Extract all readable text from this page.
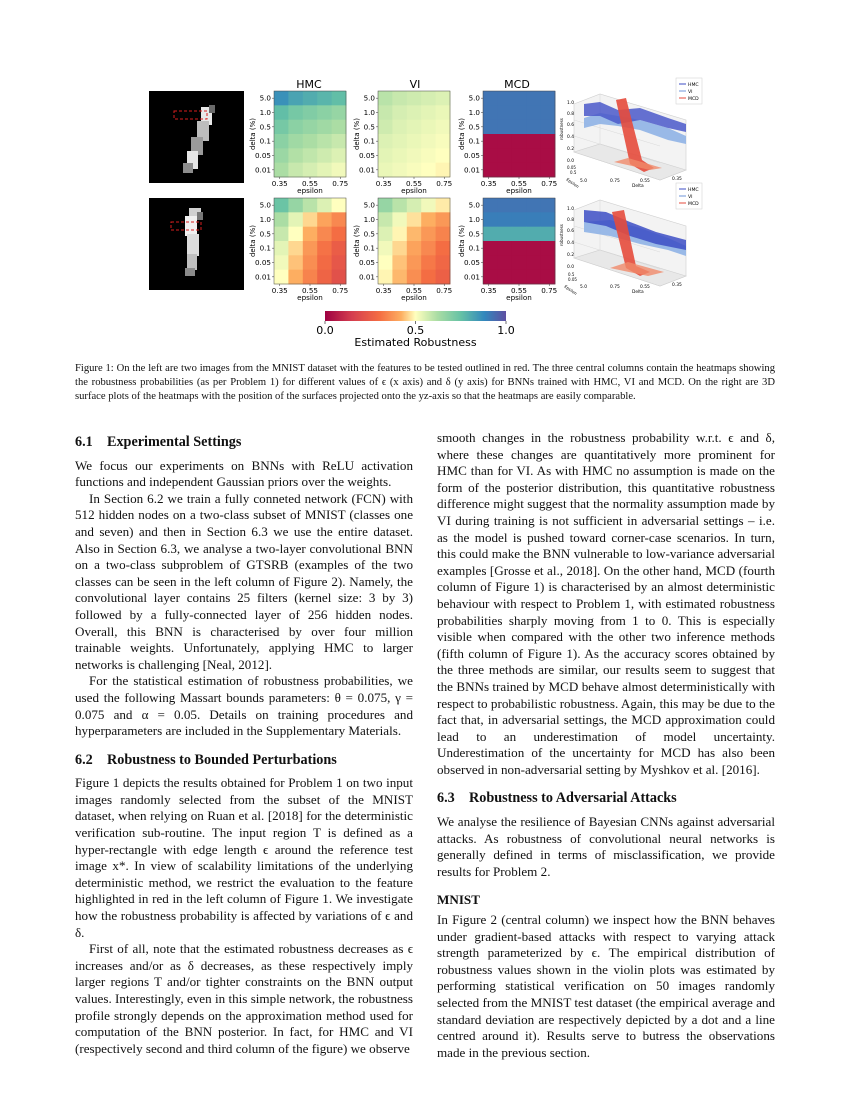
HMC	VI	MCD
5.0
1.0
0.5
0.1
0.05
0.01
0.35 0.55 0.75
epsilon
delta (%)
5.0
1.0
0.5
0.1
0.05
0.01
0.35 0.55 0.75
epsilon
delta (%)
5.0
1.0
0.5
0.1
0.05
0.01
0.35 0.55 0.75
epsilon
delta (%)
5.0
1.0
0.5
0.1
0.05
0.01
0.35 0.55 0.75
epsilon
delta (%)
5.0
1.0
0.5
0.1
0.05
0.01
0.35 0.55 0.75
epsilon
delta (%)
5.0
1.0
0.5
0.1
0.05
0.01
0.35 0.55 0.75
epsilon
delta (%)
robustness
1.0
0.8
0.6
0.4
0.2
0.0
0.05
0.5
Epsilon 5.0	0.75	0.55	0.35
Delta
HMC
VI
MCD
robustness
1.0
0.8
0.6
0.4
0.2
0.0
0.5
0.05
Epsilon 5.0	0.75	0.55	0.35
Delta
HMC
VI
MCD
0.0	0.5	1.0
Estimated Robustness
Figure 1: On the left are two images from the MNIST dataset with the features to be tested outlined in red. The three central columns contain the heatmaps showing the robustness probabilities (as per Problem 1) for different values of ϵ (x axis) and δ (y axis) for BNNs trained with HMC, VI and MCD. On the right are 3D surface plots of the heatmaps with the position of the surfaces projected onto the yz-axis so that the heatmaps are easily comparable.
6.1 Experimental Settings

We focus our experiments on BNNs with ReLU activation functions and independent Gaussian priors over the weights.

In Section 6.2 we train a fully conneted network (FCN) with 512 hidden nodes on a two-class subset of MNIST (classes one and seven) and then in Section 6.3 we use the entire dataset. Also in Section 6.3, we analyse a two-layer convolutional BNN on a two-class subproblem of GTSRB (examples of the two classes can be seen in the left column of Figure 2). Namely, the convolutional layer contains 25 filters (kernel size: 3 by 3) followed by a fully-connected layer of 256 hidden nodes. Overall, this BNN is characterised by over four million trainable weights. Unfortunately, applying HMC to larger networks is challenging [Neal, 2012].

For the statistical estimation of robustness probabilities, we used the following Massart bounds parameters: θ = 0.075, γ = 0.075 and α = 0.05. Details on training procedures and hyperparameters are included in the Supplementary Materials.

6.2 Robustness to Bounded Perturbations

Figure 1 depicts the results obtained for Problem 1 on two input images randomly selected from the subset of the MNIST dataset, when relying on Ruan et al. [2018] for the deterministic verification sub-routine. The input region T is defined as a hyper-rectangle with edge length ϵ around the reference test image x*. In view of scalability limitations of the underlying deterministic method, we restrict the evaluation to the feature highlighted in red in the left column of Figure 1. We investigate how the robustness probability is affected by variations of ϵ and δ.

First of all, note that the estimated robustness decreases as ϵ increases and/or as δ decreases, as these respectively imply larger regions T and/or tighter constraints on the BNN output values. Interestingly, even in this simple network, the robustness profile strongly depends on the approximation method used for computation of the BNN posterior. In fact, for HMC and VI (respectively second and third column of the figure) we observe

smooth changes in the robustness probability w.r.t. ϵ and δ, where these changes are quantitatively more prominent for HMC than for VI. As with HMC no assumption is made on the form of the posterior distribution, this quantitative robustness difference might suggest that the normality assumption made by VI during training is not sufficient in adversarial settings – i.e. as the model is pushed toward corner-case scenarios. In turn, this could make the BNN vulnerable to low-variance adversarial examples [Grosse et al., 2018]. On the other hand, MCD (fourth column of Figure 1) is characterised by an almost deterministic behaviour with respect to Problem 1, with estimated robustness probabilities sharply moving from 1 to 0. This is especially visible when compared with the other two inference methods (fifth column of Figure 1). As the accuracy scores obtained by the three methods are similar, our results seem to suggest that the BNNs trained by MCD behave almost deterministically with respect to probabilistic robustness. Again, this may be due to the fact that, in adversarial settings, the MCD approximation could lead to an underestimation of model uncertainty. Underestimation of the uncertainty for MCD has also been observed in non-adversarial setting by Myshkov et al. [2016].

6.3 Robustness to Adversarial Attacks

We analyse the resilience of Bayesian CNNs against adversarial attacks. As robustness of convolutional neural networks is generally defined in terms of misclassification, we provide results for Problem 2.

MNIST

In Figure 2 (central column) we inspect how the BNN behaves under gradient-based attacks with respect to varying attack strength parameterized by ϵ. The empirical distribution of robustness values shown in the violin plots was estimated by performing statistical verification on 50 images randomly selected from the MNIST test dataset (the empirical average and standard deviation are respectively depicted by a dot and a line centred around it). Results serve to butress the observations made in the previous section.
